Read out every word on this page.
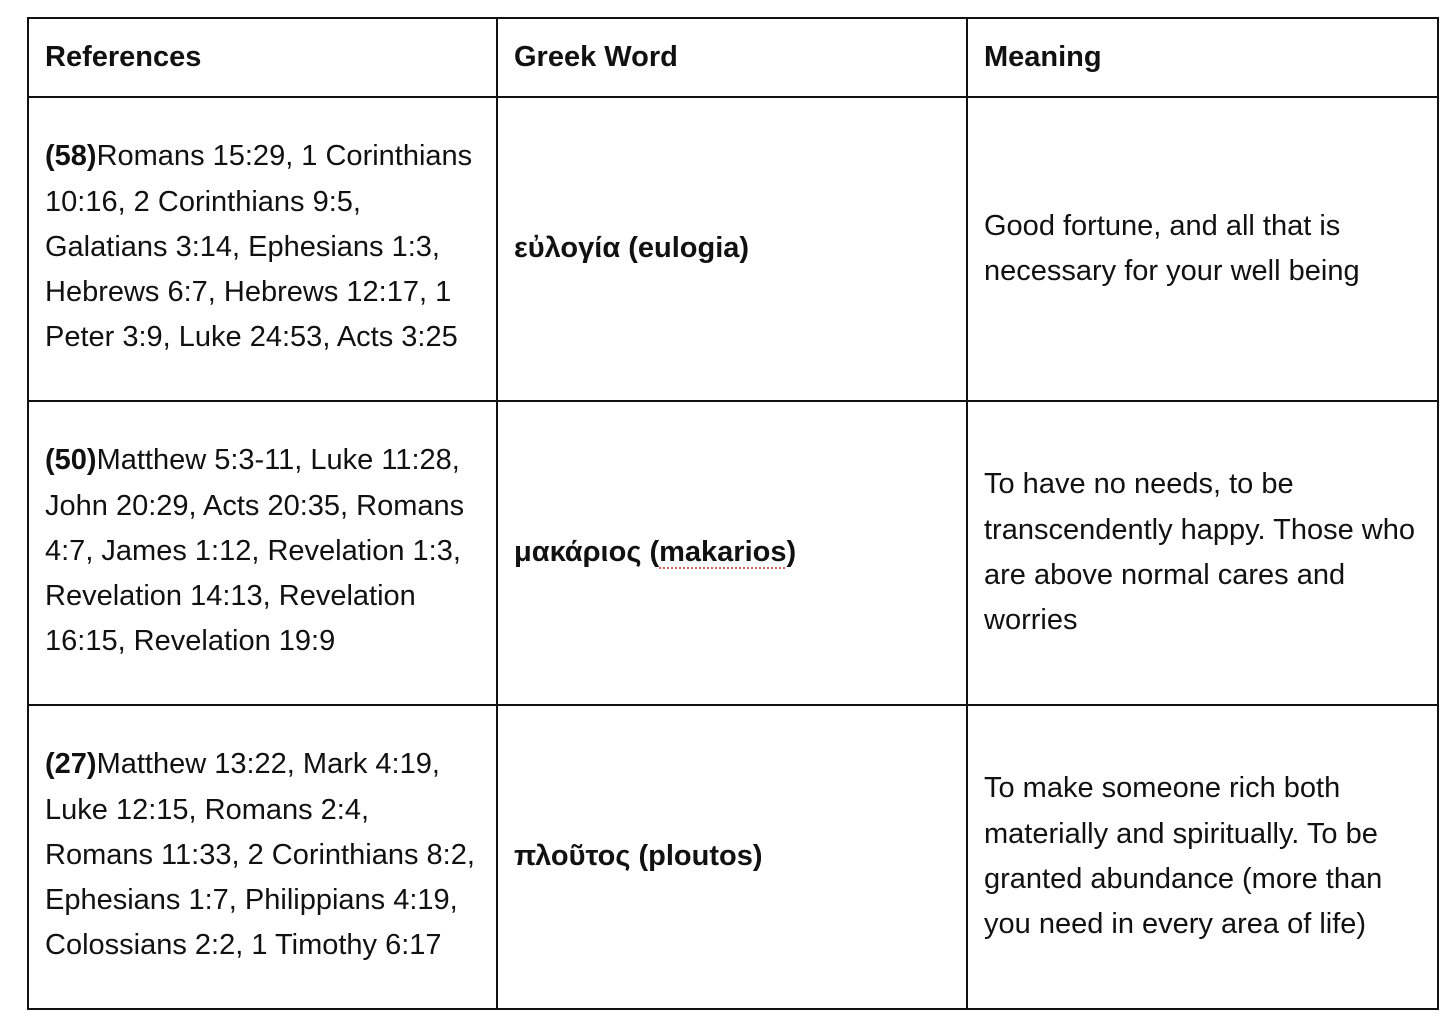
References	Greek Word	Meaning
(58)Romans 15:29, 1 Corinthians 10:16, 2 Corinthians 9:5, Galatians 3:14, Ephesians 1:3, Hebrews 6:7, Hebrews 12:17, 1 Peter 3:9, Luke 24:53, Acts 3:25	εὐλογία (eulogia)	Good fortune, and all that is necessary for your well being
(50)Matthew 5:3-11, Luke 11:28, John 20:29, Acts 20:35, Romans 4:7, James 1:12, Revelation 1:3, Revelation 14:13, Revelation 16:15, Revelation 19:9	μακάριος (makarios)	To have no needs, to be transcendently happy. Those who are above normal cares and worries
(27)Matthew 13:22, Mark 4:19, Luke 12:15, Romans 2:4, Romans 11:33, 2 Corinthians 8:2, Ephesians 1:7, Philippians 4:19, Colossians 2:2, 1 Timothy 6:17	πλοῦτος (ploutos)	To make someone rich both materially and spiritually. To be granted abundance (more than you need in every area of life)
